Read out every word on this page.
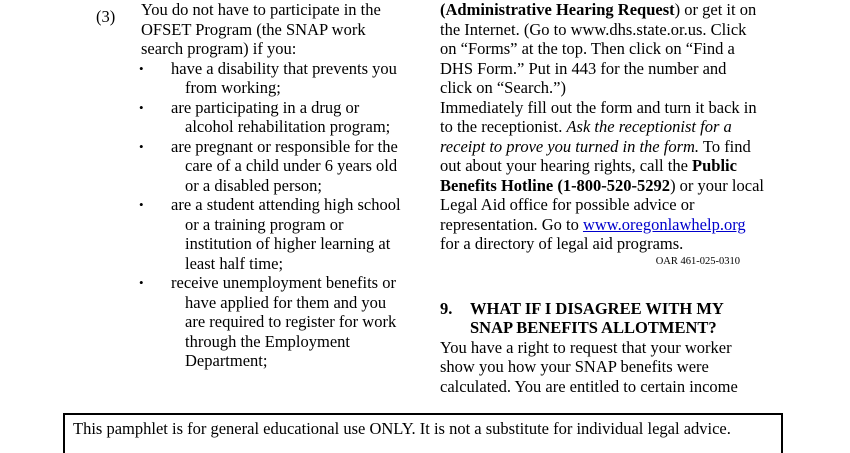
(3) You do not have to participate in the
OFSET Program (the SNAP work
search program) if you:

• have a disability that prevents you
from working;
• are participating in a drug or
alcohol rehabilitation program;
• are pregnant or responsible for the
care of a child under 6 years old
or a disabled person;
• are a student attending high school
or a training program or
institution of higher learning at
least half time;
• receive unemployment benefits or
have applied for them and you
are required to register for work
through the Employment
Department;

(Administrative Hearing Request) or get it on
the Internet. (Go to www.dhs.state.or.us. Click
on “Forms” at the top. Then click on “Find a
DHS Form.” Put in 443 for the number and
click on “Search.”)

Immediately fill out the form and turn it back in
to the receptionist. Ask the receptionist for a
receipt to prove you turned in the form. To find
out about your hearing rights, call the Public
Benefits Hotline (1-800-520-5292) or your local
Legal Aid office for possible advice or
representation. Go to www.oregonlawhelp.org
for a directory of legal aid programs.

OAR 461-025-0310
9. WHAT IF I DISAGREE WITH MY
SNAP BENEFITS ALLOTMENT?

You have a right to request that your worker
show you how your SNAP benefits were
calculated. You are entitled to certain income

This pamphlet is for general educational use ONLY. It is not a substitute for individual legal advice.
